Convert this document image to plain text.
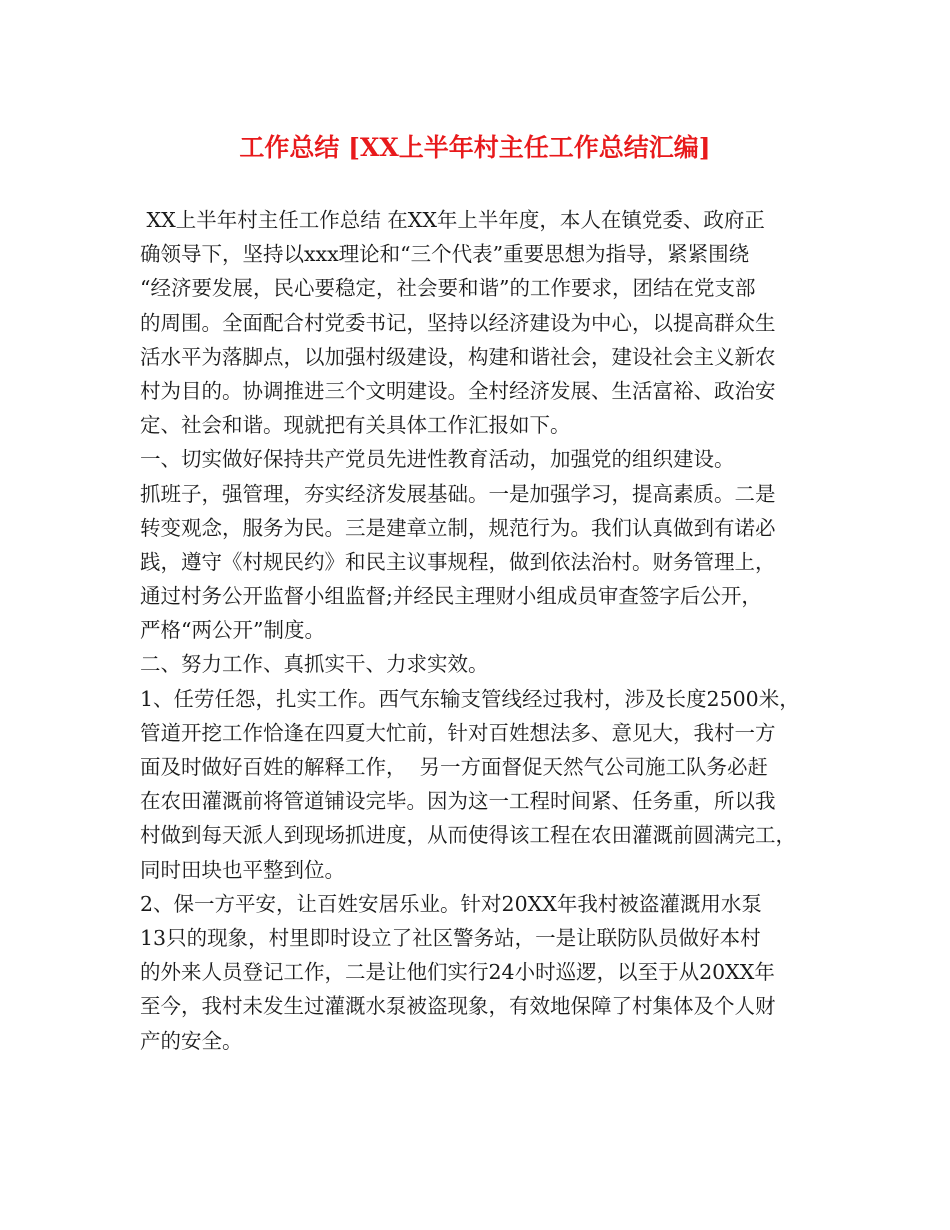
工作总结 [XX上半年村主任工作总结汇编]
XX上半年村主任工作总结 在XX年上半年度，本人在镇党委、政府正
确领导下，坚持以xxx理论和“三个代表”重要思想为指导，紧紧围绕
“经济要发展，民心要稳定，社会要和谐”的工作要求，团结在党支部
的周围。全面配合村党委书记，坚持以经济建设为中心，以提高群众生
活水平为落脚点，以加强村级建设，构建和谐社会，建设社会主义新农
村为目的。协调推进三个文明建设。全村经济发展、生活富裕、政治安
定、社会和谐。现就把有关具体工作汇报如下。
一、切实做好保持共产党员先进性教育活动，加强党的组织建设。
抓班子，强管理，夯实经济发展基础。一是加强学习，提高素质。二是
转变观念，服务为民。三是建章立制，规范行为。我们认真做到有诺必
践，遵守《村规民约》和民主议事规程，做到依法治村。财务管理上，
通过村务公开监督小组监督;并经民主理财小组成员审查签字后公开，
严格“两公开”制度。
二、努力工作、真抓实干、力求实效。
1、任劳任怨，扎实工作。西气东输支管线经过我村，涉及长度2500米，
管道开挖工作恰逢在四夏大忙前，针对百姓想法多、意见大，我村一方
面及时做好百姓的解释工作，  另一方面督促天然气公司施工队务必赶
在农田灌溉前将管道铺设完毕。因为这一工程时间紧、任务重，所以我
村做到每天派人到现场抓进度，从而使得该工程在农田灌溉前圆满完工，
同时田块也平整到位。
2、保一方平安，让百姓安居乐业。针对20XX年我村被盗灌溉用水泵
13只的现象，村里即时设立了社区警务站，一是让联防队员做好本村
的外来人员登记工作，二是让他们实行24小时巡逻，以至于从20XX年
至今，我村未发生过灌溉水泵被盗现象，有效地保障了村集体及个人财
产的安全。
